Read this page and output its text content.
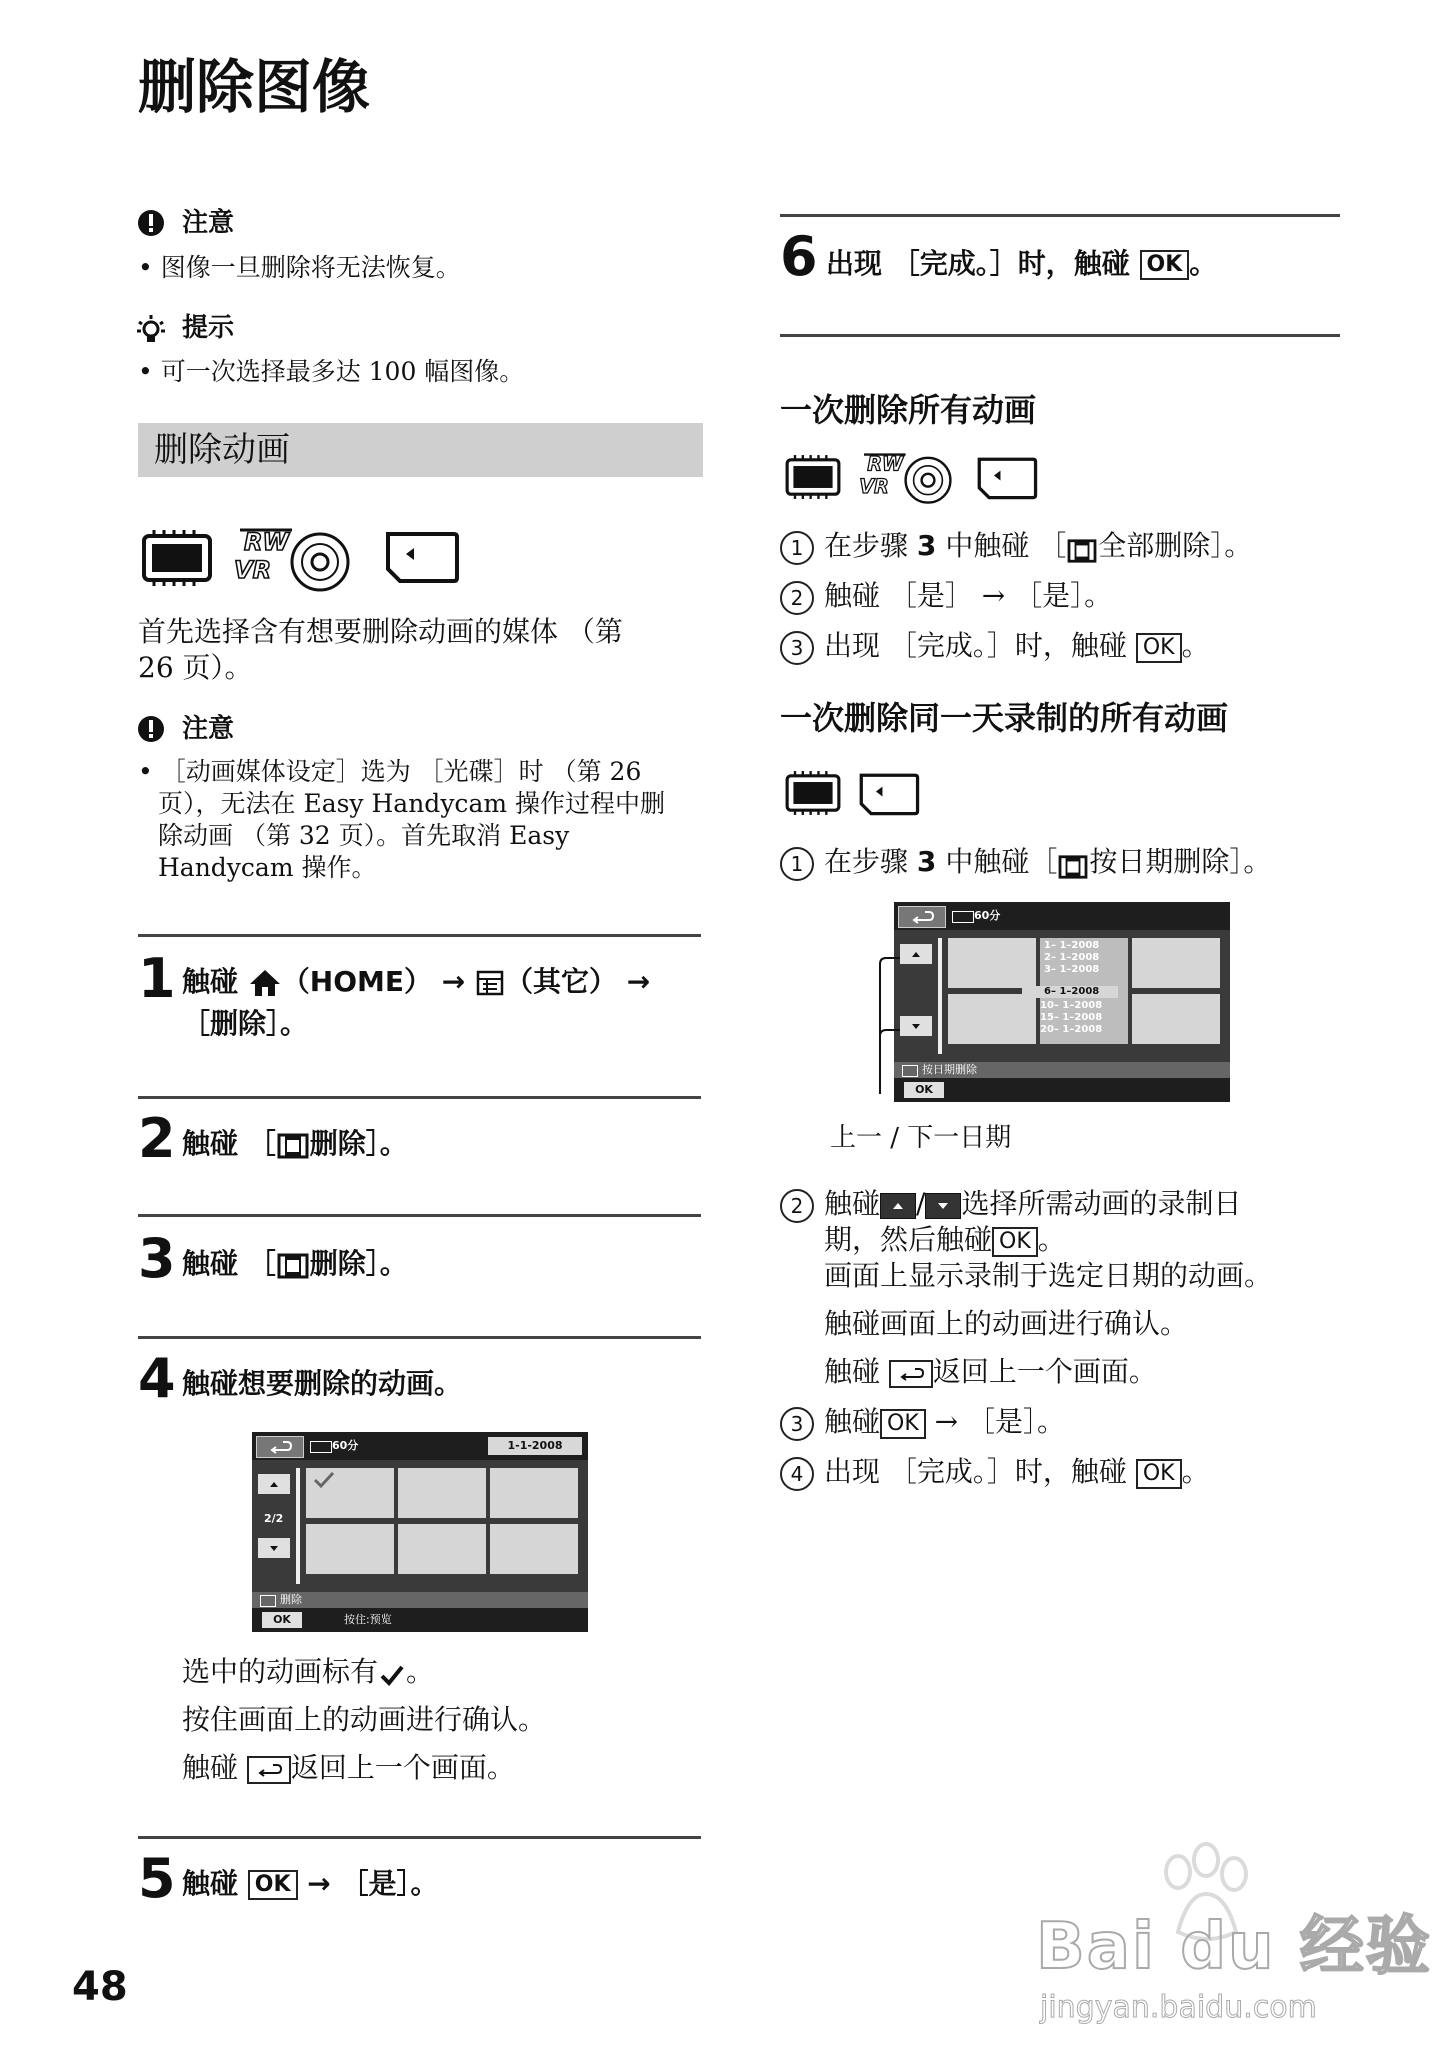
删除图像
注意
• 图像一旦删除将无法恢复。
提示
• 可一次选择最多达 100 幅图像。
删除动画
RW
VR
首先选择含有想要删除动画的媒体 （第
26 页）。
注意
• ［动画媒体设定］选为 ［光碟］时 （第 26
页），无法在 Easy Handycam 操作过程中删
除动画 （第 32 页）。首先取消 Easy
Handycam 操作。
1 触碰 （HOME） → （其它） →
［删除］。
2 触碰 ［ 删除］。
3 触碰 ［ 删除］。
4 触碰想要删除的动画。
60分	1-1-2008
2/2
删除
OK	按住:预览
选中的动画标有 。
按住画面上的动画进行确认。
触碰 返回上一个画面。
5 触碰 OK → ［是］。
48
6 出现 ［完成。］时，触碰 OK 。
一次删除所有动画
RW
VR
1 在步骤 3 中触碰 ［ 全部删除］。
2 触碰 ［是］ → ［是］。
3 出现 ［完成。］时，触碰 OK 。
一次删除同一天录制的所有动画
1 在步骤 3 中触碰［ 按日期删除］。
60分
1– 1–2008
2– 1–2008
3– 1–2008
6– 1–2008
10– 1–2008
15– 1–2008
20– 1–2008
按日期删除
OK
上一 / 下一日期
2 触碰 / 选择所需动画的录制日
期，然后触碰 OK 。
画面上显示录制于选定日期的动画。
触碰画面上的动画进行确认。
触碰 返回上一个画面。
3 触碰 OK → ［是］。
4 出现 ［完成。］时，触碰 OK 。
Bai du 经验
jingyan.baidu.com
